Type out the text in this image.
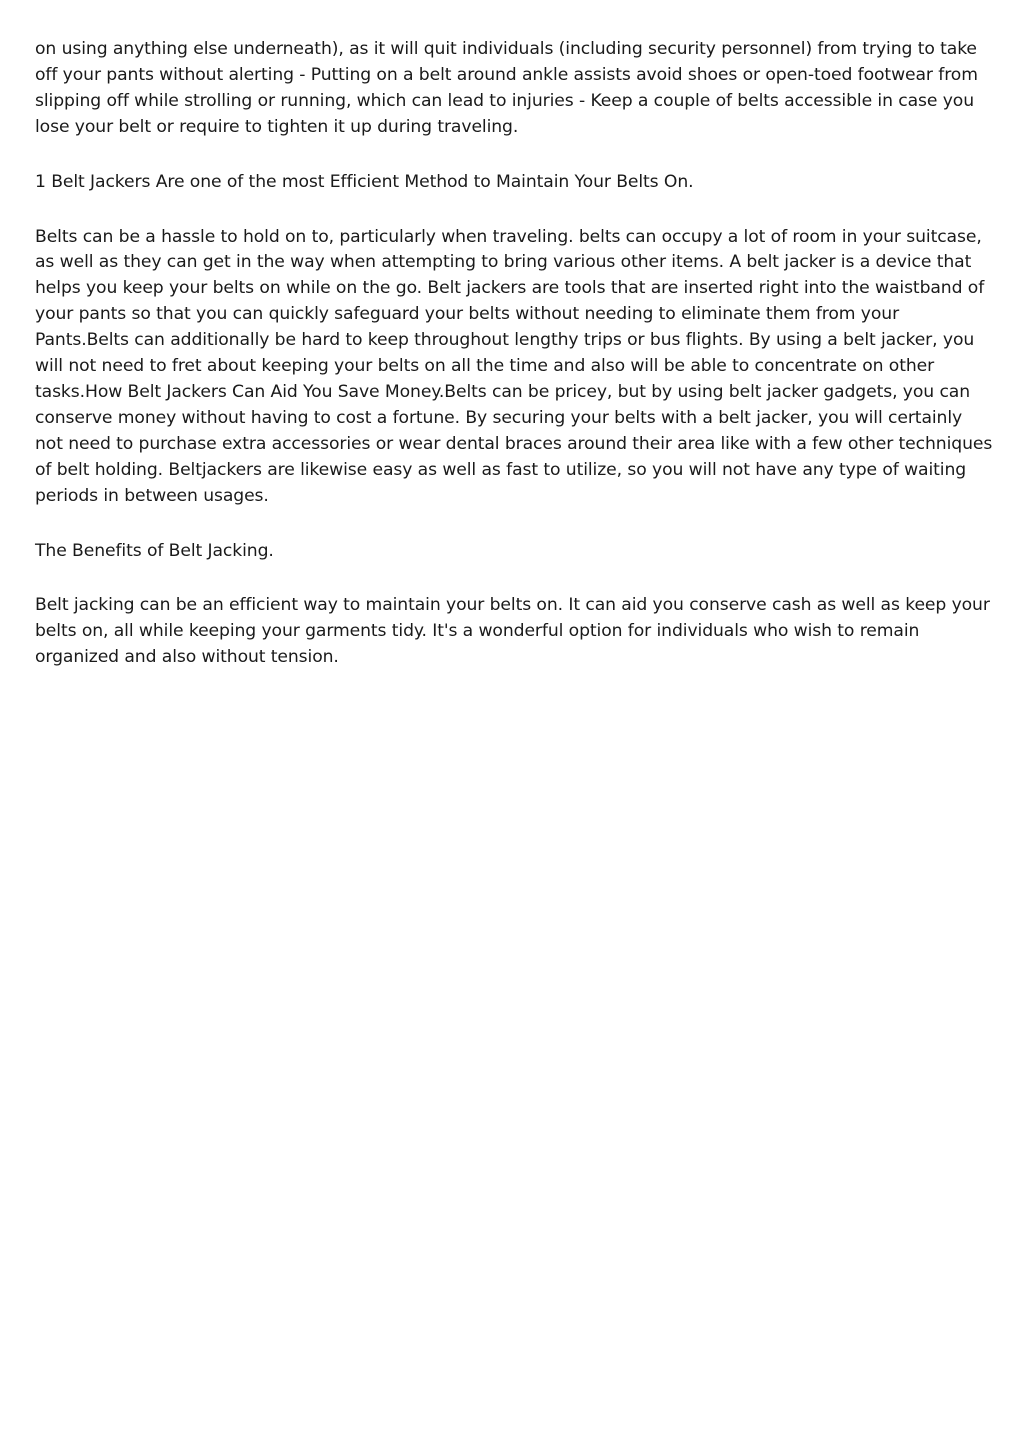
on using anything else underneath), as it will quit individuals (including security personnel) from trying to take off your pants without alerting - Putting on a belt around ankle assists avoid shoes or open-toed footwear from slipping off while strolling or running, which can lead to injuries - Keep a couple of belts accessible in case you lose your belt or require to tighten it up during traveling.

1 Belt Jackers Are one of the most Efficient Method to Maintain Your Belts On.

Belts can be a hassle to hold on to, particularly when traveling. belts can occupy a lot of room in your suitcase, as well as they can get in the way when attempting to bring various other items. A belt jacker is a device that helps you keep your belts on while on the go. Belt jackers are tools that are inserted right into the waistband of your pants so that you can quickly safeguard your belts without needing to eliminate them from your Pants.Belts can additionally be hard to keep throughout lengthy trips or bus flights. By using a belt jacker, you will not need to fret about keeping your belts on all the time and also will be able to concentrate on other tasks.How Belt Jackers Can Aid You Save Money.Belts can be pricey, but by using belt jacker gadgets, you can conserve money without having to cost a fortune. By securing your belts with a belt jacker, you will certainly not need to purchase extra accessories or wear dental braces around their area like with a few other techniques of belt holding. Beltjackers are likewise easy as well as fast to utilize, so you will not have any type of waiting periods in between usages.

The Benefits of Belt Jacking.

Belt jacking can be an efficient way to maintain your belts on. It can aid you conserve cash as well as keep your belts on, all while keeping your garments tidy. It's a wonderful option for individuals who wish to remain organized and also without tension.
